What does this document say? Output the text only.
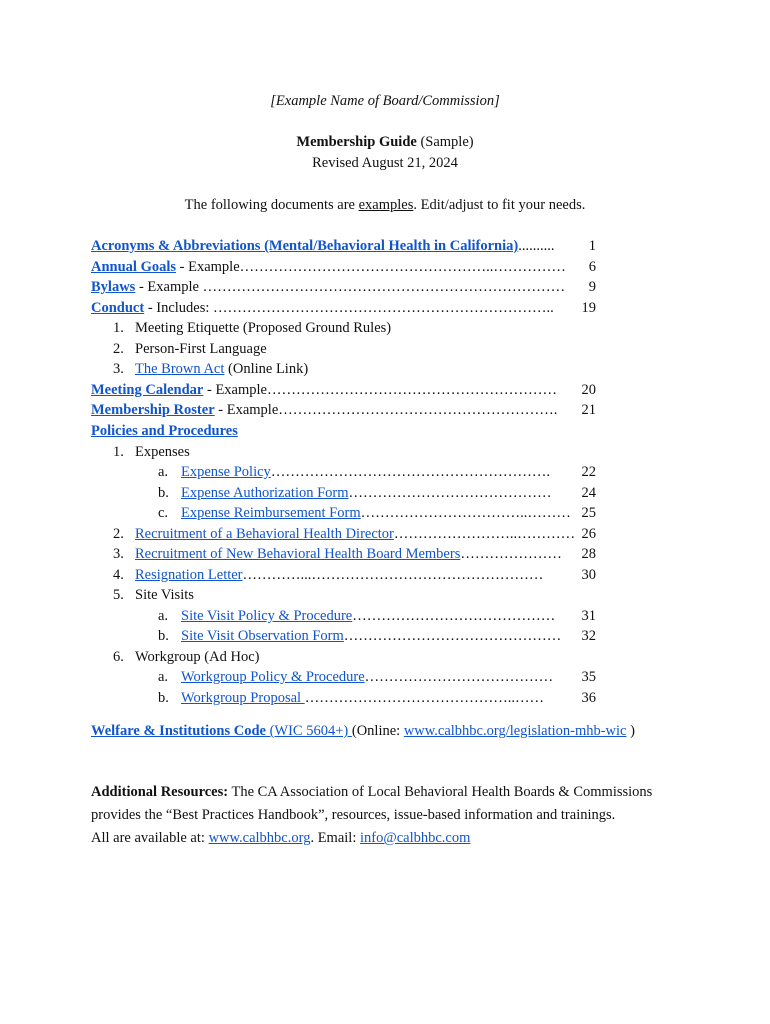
[Example Name of Board/Commission]
Membership Guide (Sample)
Revised August 21, 2024
The following documents are examples. Edit/adjust to fit your needs.
Acronyms & Abbreviations (Mental/Behavioral Health in California).......... 1
Annual Goals - Example……………………………………………..…………… 6
Bylaws - Example ………………………………………………………………… 9
Conduct - Includes: …………………………………………………………….. 19
1. Meeting Etiquette (Proposed Ground Rules)
2. Person-First Language
3. The Brown Act (Online Link)
Meeting Calendar - Example…………………………………………………… 20
Membership Roster - Example…………………………………………………. 21
Policies and Procedures
1. Expenses
a. Expense Policy…………………………………………………. 22
b. Expense Authorization Form…………………………………… 24
c. Expense Reimbursement Form……………………………..……… 25
2. Recruitment of a Behavioral Health Director……………………..………… 26
3. Recruitment of New Behavioral Health Board Members………………… 28
4. Resignation Letter…………...…………………………………………	30
5. Site Visits
a. Site Visit Policy & Procedure…………………………………… 31
b. Site Visit Observation Form……………………………………… 32
6. Workgroup (Ad Hoc)
a. Workgroup Policy & Procedure………………………………… 35
b. Workgroup Proposal ……………………………………..……	36
Welfare & Institutions Code (WIC 5604+) (Online: www.calbhbc.org/legislation-mhb-wic )
Additional Resources: The CA Association of Local Behavioral Health Boards & Commissions
provides the “Best Practices Handbook”, resources, issue-based information and trainings.
All are available at: www.calbhbc.org. Email: info@calbhbc.com
